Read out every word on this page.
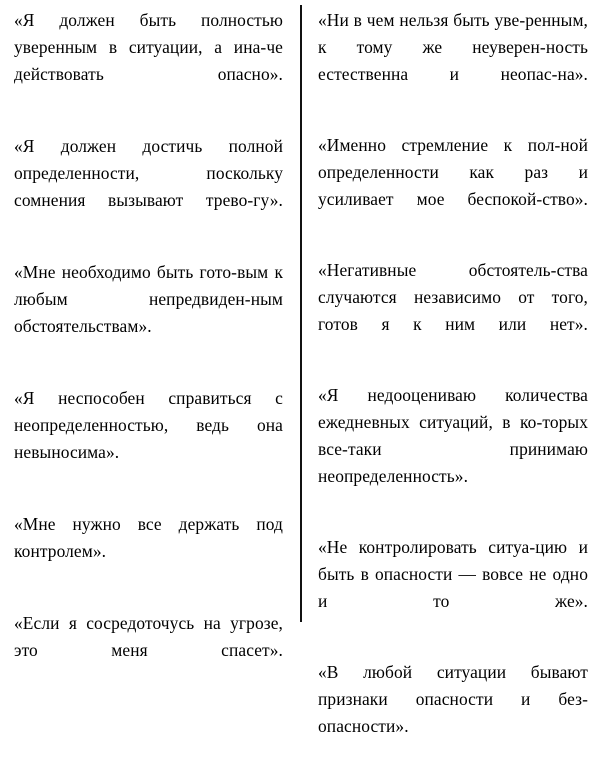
«Я должен быть полностью уверенным в ситуации, а ина-че действовать опасно».

«Я должен достичь полной определенности, поскольку сомнения вызывают трево-гу».

«Мне необходимо быть гото-вым к любым непредвиден-ным обстоятельствам».

«Я неспособен справиться с неопределенностью, ведь она невыносима».

«Мне нужно все держать под контролем».

«Если я сосредоточусь на угрозе, это меня спасет».

«Ни в чем нельзя быть уве-ренным, к тому же неуверен-ность естественна и неопас-на».

«Именно стремление к пол-ной определенности как раз и усиливает мое беспокой-ство».

«Негативные обстоятель-ства случаются независимо от того, готов я к ним или нет».

«Я недооцениваю количества ежедневных ситуаций, в ко-торых все-таки принимаю неопределенность».

«Не контролировать ситуа-цию и быть в опасности — вовсе не одно и то же».

«В любой ситуации бывают признаки опасности и без-опасности».
